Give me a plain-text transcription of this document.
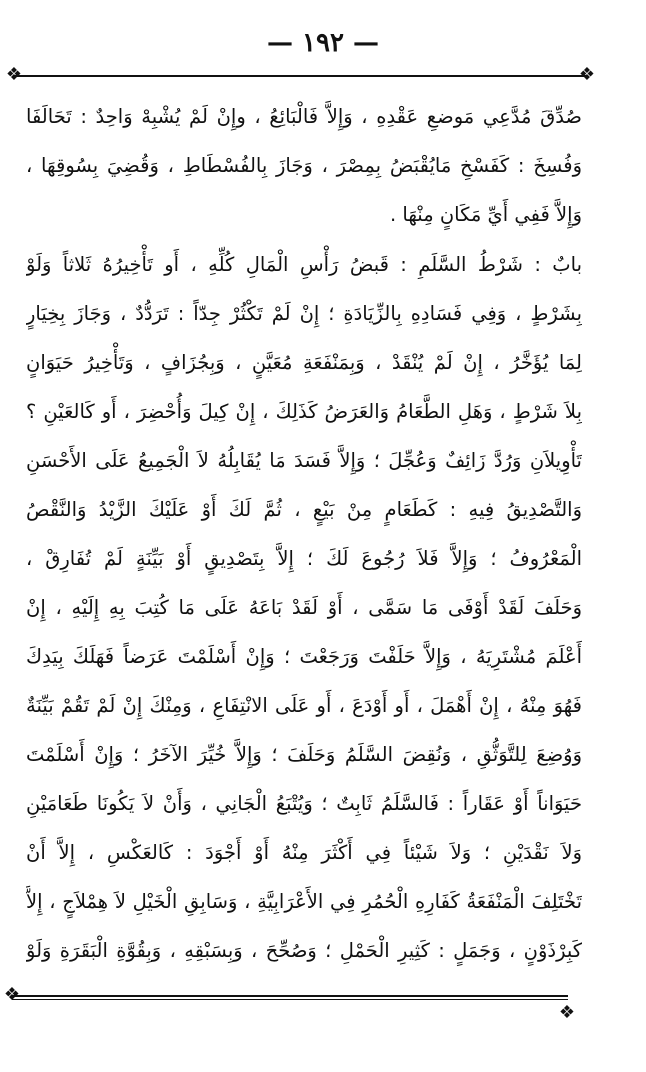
— ١٩٢ —
❖	❖
صُدِّقَ مُدَّعِي مَوضعِ عَقْدِهِ ، وَإِلاَّ فَالْبَائِعُ ، وإِنْ لَمْ يُشْبِهْ وَاحِدٌ : تَحَالَفَا
وَفُسِخَ : كَفَسْخِ مَايُقْبَضُ بِمِصْرَ ، وَجَازَ بِالفُسْطَاطِ ، وَقُضِيَ بِسُوقِهَا ،
وَإِلاَّ فَفِي أَيِّ مَكَانٍ مِنْهَا .
بابٌ : شَرْطُ السَّلَمِ : قَبضُ رَأْسِ الْمَالِ كُلِّهِ ، أَو تَأْخِيرُهُ ثَلاثاً وَلَوْ
بِشَرْطٍ ، وَفِي فَسَادِهِ بِالزِّيَادَةِ ؛ إِنْ لَمْ تَكْثُرْ جِدّاً : تَرَدُّدٌ ، وَجَازَ بِخِيَارٍ
لِمَا يُؤَخَّرُ ، إِنْ لَمْ يُنْقَدْ ، وَبِمَنْفَعَةِ مُعَيَّنٍ ، وَبِجُزَافٍ ، وَتَأْخِيرُ حَيَوَانٍ
بِلاَ شَرْطٍ ، وَهَلِ الطَّعَامُ وَالعَرَضُ كَذَلِكَ ، إِنْ كِيلَ وَأُحْضِرَ ، أَو كَالعَيْنِ ؟
تَأْوِيلاَنِ وَرُدَّ زَائِفٌ وَعُجِّلَ ؛ وَإِلاَّ فَسَدَ مَا يُقَابِلُهُ لاَ الْجَمِيعُ عَلَى الأَحْسَنِ
وَالتَّصْدِيقُ فِيهِ : كَطَعَامٍ مِنْ بَيْعٍ ، ثُمَّ لَكَ أَوْ عَلَيْكَ الزَّيْدُ وَالنَّقْصُ
الْمَعْرُوفُ ؛ وَإِلاَّ فَلاَ رُجُوعَ لَكَ ؛ إِلاَّ بِتَصْدِيقٍ أَوْ بَيِّنَةٍ لَمْ تُفَارِقْ ،
وَحَلَفَ لَقَدْ أَوْفَى مَا سَمَّى ، أَوْ لَقَدْ بَاعَهُ عَلَى مَا كُتِبَ بِهِ إِلَيْهِ ، إِنْ
أَعْلَمَ مُشْتَرِيَهُ ، وَإِلاَّ حَلَفْتَ وَرَجَعْتَ ؛ وَإِنْ أَسْلَمْتَ عَرَضاً فَهَلَكَ بِيَدِكَ
فَهُوَ مِنْهُ ، إِنْ أَهْمَلَ ، أَو أَوْدَعَ ، أَو عَلَى الانْتِفَاعِ ، وَمِنْكَ إِنْ لَمْ تَقُمْ بَيِّنَةٌ
وَوُضِعَ لِلتَّوَثُّقِ ، وَنُقِضَ السَّلَمُ وَحَلَفَ ؛ وَإِلاَّ خُيِّرَ الآخَرُ ؛ وَإِنْ أَسْلَمْتَ
حَيَوَاناً أَوْ عَقَاراً : فَالسَّلَمُ ثَابِتٌ ؛ وَيُتْبَعُ الْجَانِي ، وَأَنْ لاَ يَكُونَا طَعَامَيْنِ
وَلاَ نَقْدَيْنِ ؛ وَلاَ شَيْئاً فِي أَكْثَرَ مِنْهُ أَوْ أَجْوَدَ : كَالعَكْسِ ، إِلاَّ أَنْ
تَخْتَلِفَ الْمَنْفَعَةُ كَفَارِهِ الْحُمُرِ فِي الأَعْرَابِيَّةِ ، وَسَابِقِ الْخَيْلِ لاَ هِمْلاَجٍ ، إِلاَّ
كَبِرْذَوْنٍ ، وَجَمَلٍ : كَثِيرِ الْحَمْلِ ؛ وَصُحِّحَ ، وَبِسَبْقِهِ ، وَبِقُوَّةِ الْبَقَرَةِ وَلَوْ
❖
❖
